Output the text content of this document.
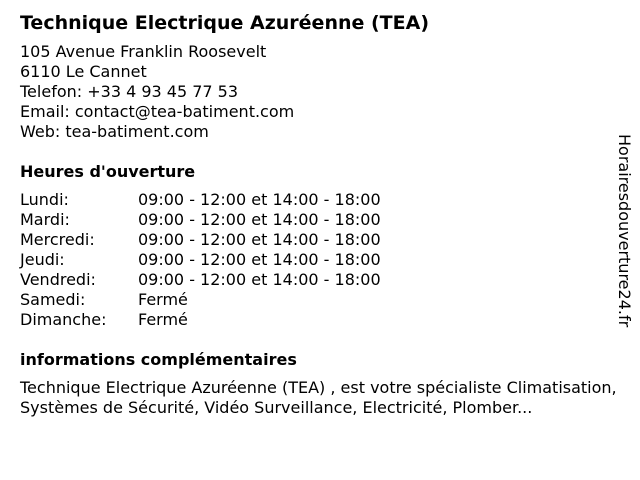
Technique Electrique Azuréenne (TEA)
105 Avenue Franklin Roosevelt
6110 Le Cannet
Telefon: +33 4 93 45 77 53
Email: contact@tea-batiment.com
Web: tea-batiment.com
Heures d'ouverture
Lundi:	09:00 - 12:00 et 14:00 - 18:00
Mardi:	09:00 - 12:00 et 14:00 - 18:00
Mercredi:	09:00 - 12:00 et 14:00 - 18:00
Jeudi:	09:00 - 12:00 et 14:00 - 18:00
Vendredi:	09:00 - 12:00 et 14:00 - 18:00
Samedi:	Fermé
Dimanche:	Fermé
informations complémentaires
Technique Electrique Azuréenne (TEA) , est votre spécialiste Climatisation, Systèmes de Sécurité, Vidéo Surveillance, Electricité, Plomber...
Horairesdouverture24.fr
